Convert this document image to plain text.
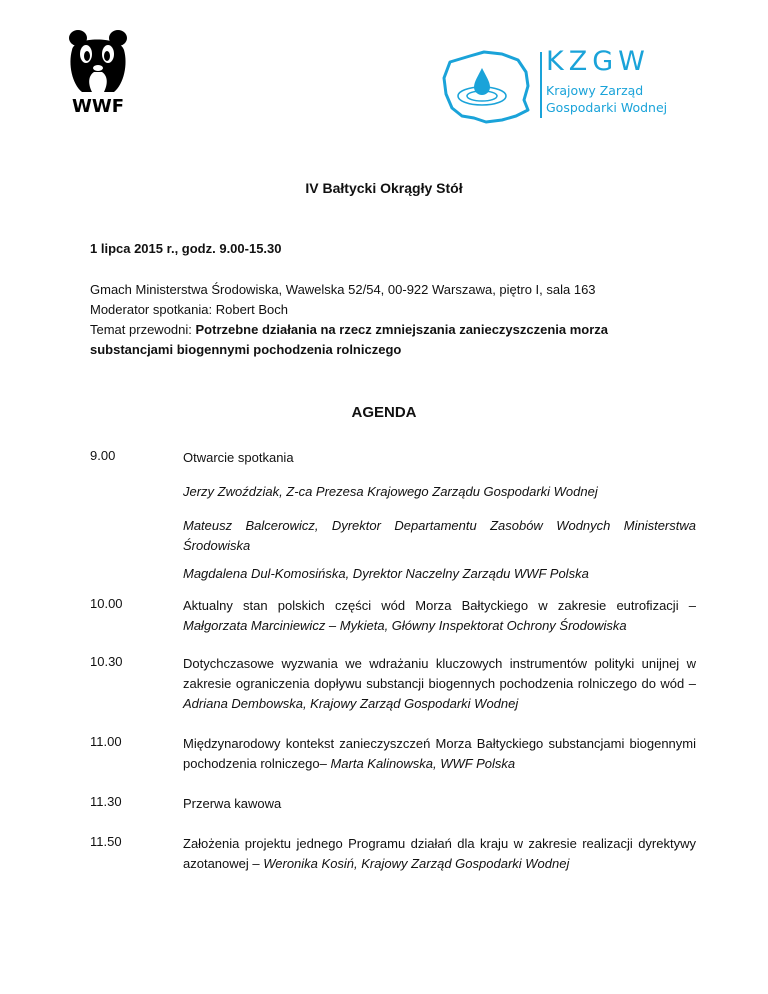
WWF
KZGW
Krajowy Zarząd
Gospodarki Wodnej
IV Bałtycki Okrągły Stół
1 lipca 2015 r., godz. 9.00-15.30

Gmach Ministerstwa Środowiska, Wawelska 52/54, 00-922 Warszawa, piętro I, sala 163

Moderator spotkania: Robert Boch

Temat przewodni: Potrzebne działania na rzecz zmniejszania zanieczyszczenia morza

substancjami biogennymi pochodzenia rolniczego

AGENDA
9.00	Otwarcie spotkania
Jerzy Zwoździak, Z-ca Prezesa Krajowego Zarządu Gospodarki Wodnej
Mateusz Balcerowicz, Dyrektor Departamentu Zasobów Wodnych Ministerstwa Środowiska
Magdalena Dul-Komosińska, Dyrektor Naczelny Zarządu WWF Polska
10.00	Aktualny stan polskich części wód Morza Bałtyckiego w zakresie eutrofizacji – Małgorzata Marciniewicz – Mykieta, Główny Inspektorat Ochrony Środowiska
10.30	Dotychczasowe wyzwania we wdrażaniu kluczowych instrumentów polityki unijnej w zakresie ograniczenia dopływu substancji biogennych pochodzenia rolniczego do wód – Adriana Dembowska, Krajowy Zarząd Gospodarki Wodnej
11.00	Międzynarodowy kontekst zanieczyszczeń Morza Bałtyckiego substancjami biogennymi pochodzenia rolniczego– Marta Kalinowska, WWF Polska
11.30	Przerwa kawowa
11.50	Założenia projektu jednego Programu działań dla kraju w zakresie realizacji dyrektywy azotanowej – Weronika Kosiń, Krajowy Zarząd Gospodarki Wodnej
